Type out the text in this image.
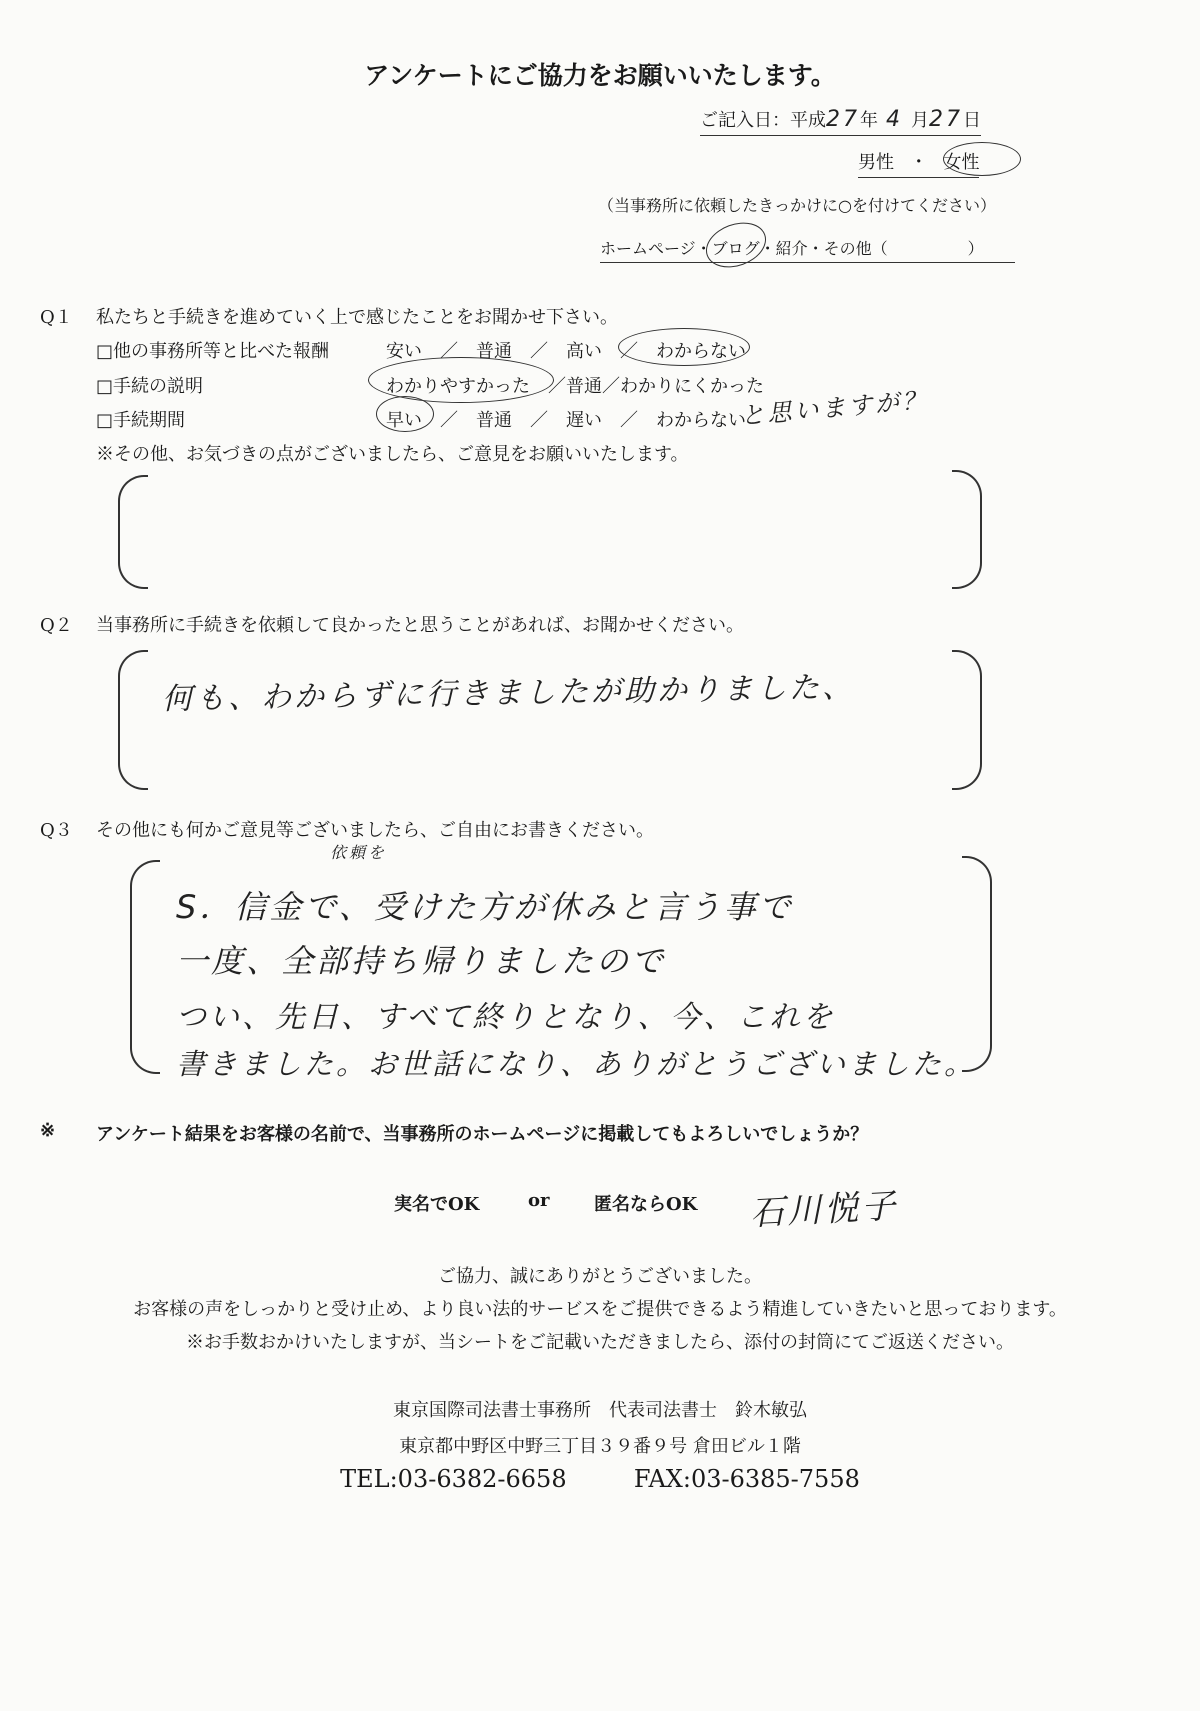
アンケートにご協力をお願いいたします。
ご記入日：平成27年 4 月27日
男性 ・ 女性
（当事務所に依頼したきっかけに○を付けてください）
ホームページ・ブログ・紹介・その他（　　　　　）
Q１ 私たちと手続きを進めていく上で感じたことをお聞かせ下さい。
□他の事務所等と比べた報酬	安い　／　普通　／　高い　／　わからない
□手続の説明	わかりやすかった　／普通／わかりにくかった
□手続期間	早い　／　普通　／　遅い　／　わからない
と思いますが？
※その他、お気づきの点がございましたら、ご意見をお願いいたします。
Q２ 当事務所に手続きを依頼して良かったと思うことがあれば、お聞かせください。
何も、わからずに行きましたが助かりました、
Q３ その他にも何かご意見等ございましたら、ご自由にお書きください。
依頼を
S．信金で、受けた方が休みと言う事で
一度、全部持ち帰りましたので
つい、先日、すべて終りとなり、今、これを
書きました。お世話になり、ありがとうございました。
※ アンケート結果をお客様の名前で、当事務所のホームページに掲載してもよろしいでしょうか？
実名でOK	or 匿名ならOK 石川悦子
ご協力、誠にありがとうございました。
お客様の声をしっかりと受け止め、より良い法的サービスをご提供できるよう精進していきたいと思っております。
※お手数おかけいたしますが、当シートをご記載いただきましたら、添付の封筒にてご返送ください。
東京国際司法書士事務所　代表司法書士　鈴木敏弘
東京都中野区中野三丁目３９番９号 倉田ビル１階
TEL:03-6382-6658	FAX:03-6385-7558
